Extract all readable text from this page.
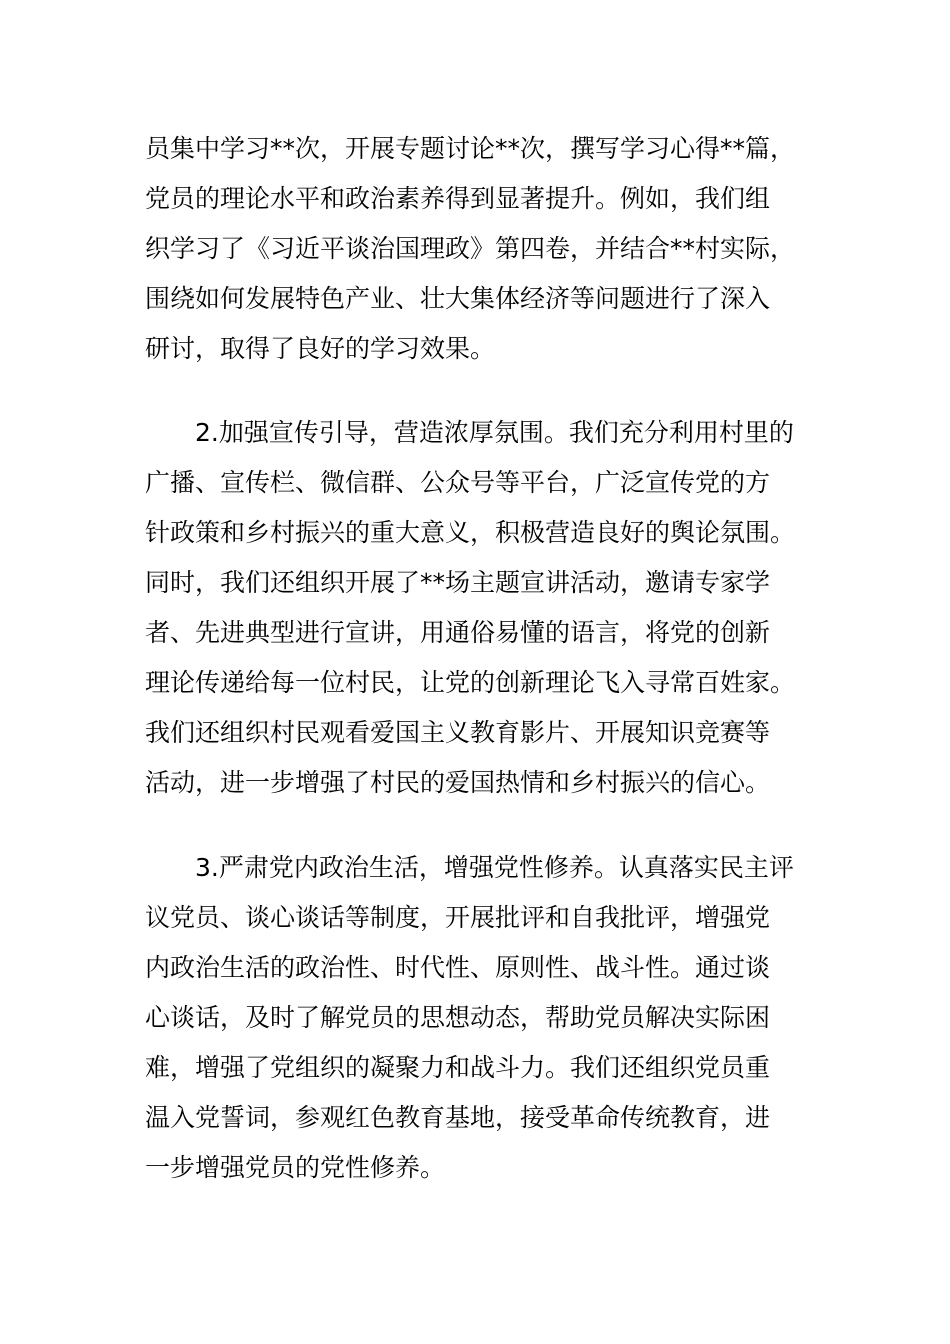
员集中学习**次，开展专题讨论**次，撰写学习心得**篇，
党员的理论水平和政治素养得到显著提升。例如，我们组
织学习了《习近平谈治国理政》第四卷，并结合**村实际，
围绕如何发展特色产业、壮大集体经济等问题进行了深入
研讨，取得了良好的学习效果。
2.加强宣传引导，营造浓厚氛围。我们充分利用村里的
广播、宣传栏、微信群、公众号等平台，广泛宣传党的方
针政策和乡村振兴的重大意义，积极营造良好的舆论氛围。
同时，我们还组织开展了**场主题宣讲活动，邀请专家学
者、先进典型进行宣讲，用通俗易懂的语言，将党的创新
理论传递给每一位村民，让党的创新理论飞入寻常百姓家。
我们还组织村民观看爱国主义教育影片、开展知识竞赛等
活动，进一步增强了村民的爱国热情和乡村振兴的信心。
3.严肃党内政治生活，增强党性修养。认真落实民主评
议党员、谈心谈话等制度，开展批评和自我批评，增强党
内政治生活的政治性、时代性、原则性、战斗性。通过谈
心谈话，及时了解党员的思想动态，帮助党员解决实际困
难，增强了党组织的凝聚力和战斗力。我们还组织党员重
温入党誓词，参观红色教育基地，接受革命传统教育，进
一步增强党员的党性修养。
